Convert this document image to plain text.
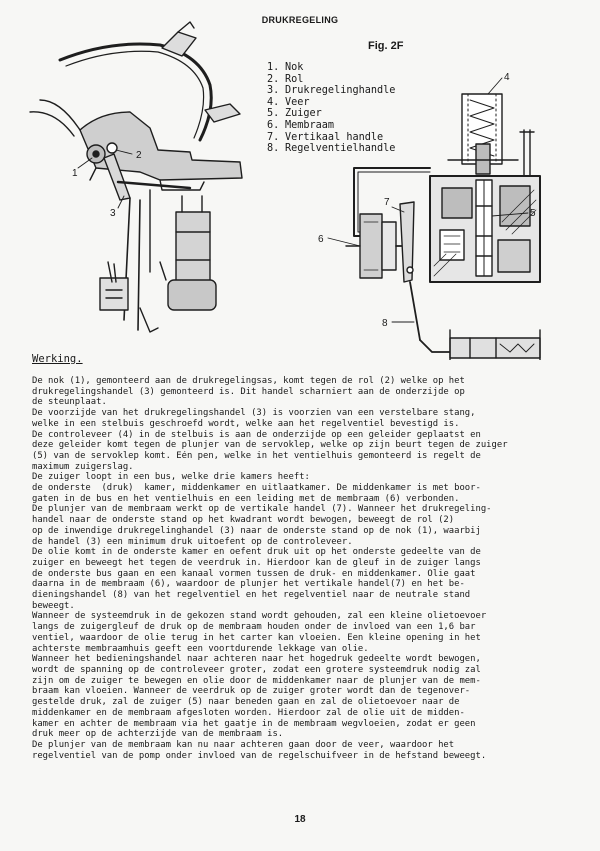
DRUKREGELING
Fig. 2F
1. Nok
2. Rol
3. Drukregelinghandle
4. Veer
5. Zuiger
6. Membraam
7. Vertikaal handle
8. Regelventielhandle
1
2
3
4
5
6
7
8
Werking.
De nok (1), gemonteerd aan de drukregelingsas, komt tegen de rol (2) welke op het
drukregelingshandel (3) gemonteerd is. Dit handel scharniert aan de onderzijde op
de steunplaat.
De voorzijde van het drukregelingshandel (3) is voorzien van een verstelbare stang,
welke in een stelbuis geschroefd wordt, welke aan het regelventiel bevestigd is.
De controleveer (4) in de stelbuis is aan de onderzijde op een geleider geplaatst en
deze geleider komt tegen de plunjer van de servoklep, welke op zijn beurt tegen de zuiger
(5) van de servoklep komt. Eén pen, welke in het ventielhuis gemonteerd is regelt de
maximum zuigerslag.
De zuiger loopt in een bus, welke drie kamers heeft:
de onderste  (druk)  kamer, middenkamer en uitlaatkamer. De middenkamer is met boor-
gaten in de bus en het ventielhuis en een leiding met de membraam (6) verbonden.
De plunjer van de membraam werkt op de vertikale handel (7). Wanneer het drukregeling-
handel naar de onderste stand op het kwadrant wordt bewogen, beweegt de rol (2)
op de inwendige drukregelinghandel (3) naar de onderste stand op de nok (1), waarbij
de handel (3) een minimum druk uitoefent op de controleveer.
De olie komt in de onderste kamer en oefent druk uit op het onderste gedeelte van de
zuiger en beweegt het tegen de veerdruk in. Hierdoor kan de gleuf in de zuiger langs
de onderste bus gaan en een kanaal vormen tussen de druk- en middenkamer. Olie gaat
daarna in de membraam (6), waardoor de plunjer het vertikale handel(7) en het be-
dieningshandel (8) van het regelventiel en het regelventiel naar de neutrale stand
beweegt.
Wanneer de systeemdruk in de gekozen stand wordt gehouden, zal een kleine olietoevoer
langs de zuigergleuf de druk op de membraam houden onder de invloed van een 1,6 bar
ventiel, waardoor de olie terug in het carter kan vloeien. Een kleine opening in het
achterste membraamhuis geeft een voortdurende lekkage van olie.
Wanneer het bedieningshandel naar achteren naar het hogedruk gedeelte wordt bewogen,
wordt de spanning op de controleveer groter, zodat een grotere systeemdruk nodig zal
zijn om de zuiger te bewegen en olie door de middenkamer naar de plunjer van de mem-
braam kan vloeien. Wanneer de veerdruk op de zuiger groter wordt dan de tegenover-
gestelde druk, zal de zuiger (5) naar beneden gaan en zal de olietoevoer naar de
middenkamer en de membraam afgesloten worden. Hierdoor zal de olie uit de midden-
kamer en achter de membraam via het gaatje in de membraam wegvloeien, zodat er geen
druk meer op de achterzijde van de membraam is.
De plunjer van de membraam kan nu naar achteren gaan door de veer, waardoor het
regelventiel van de pomp onder invloed van de regelschuifveer in de hefstand beweegt.
18
